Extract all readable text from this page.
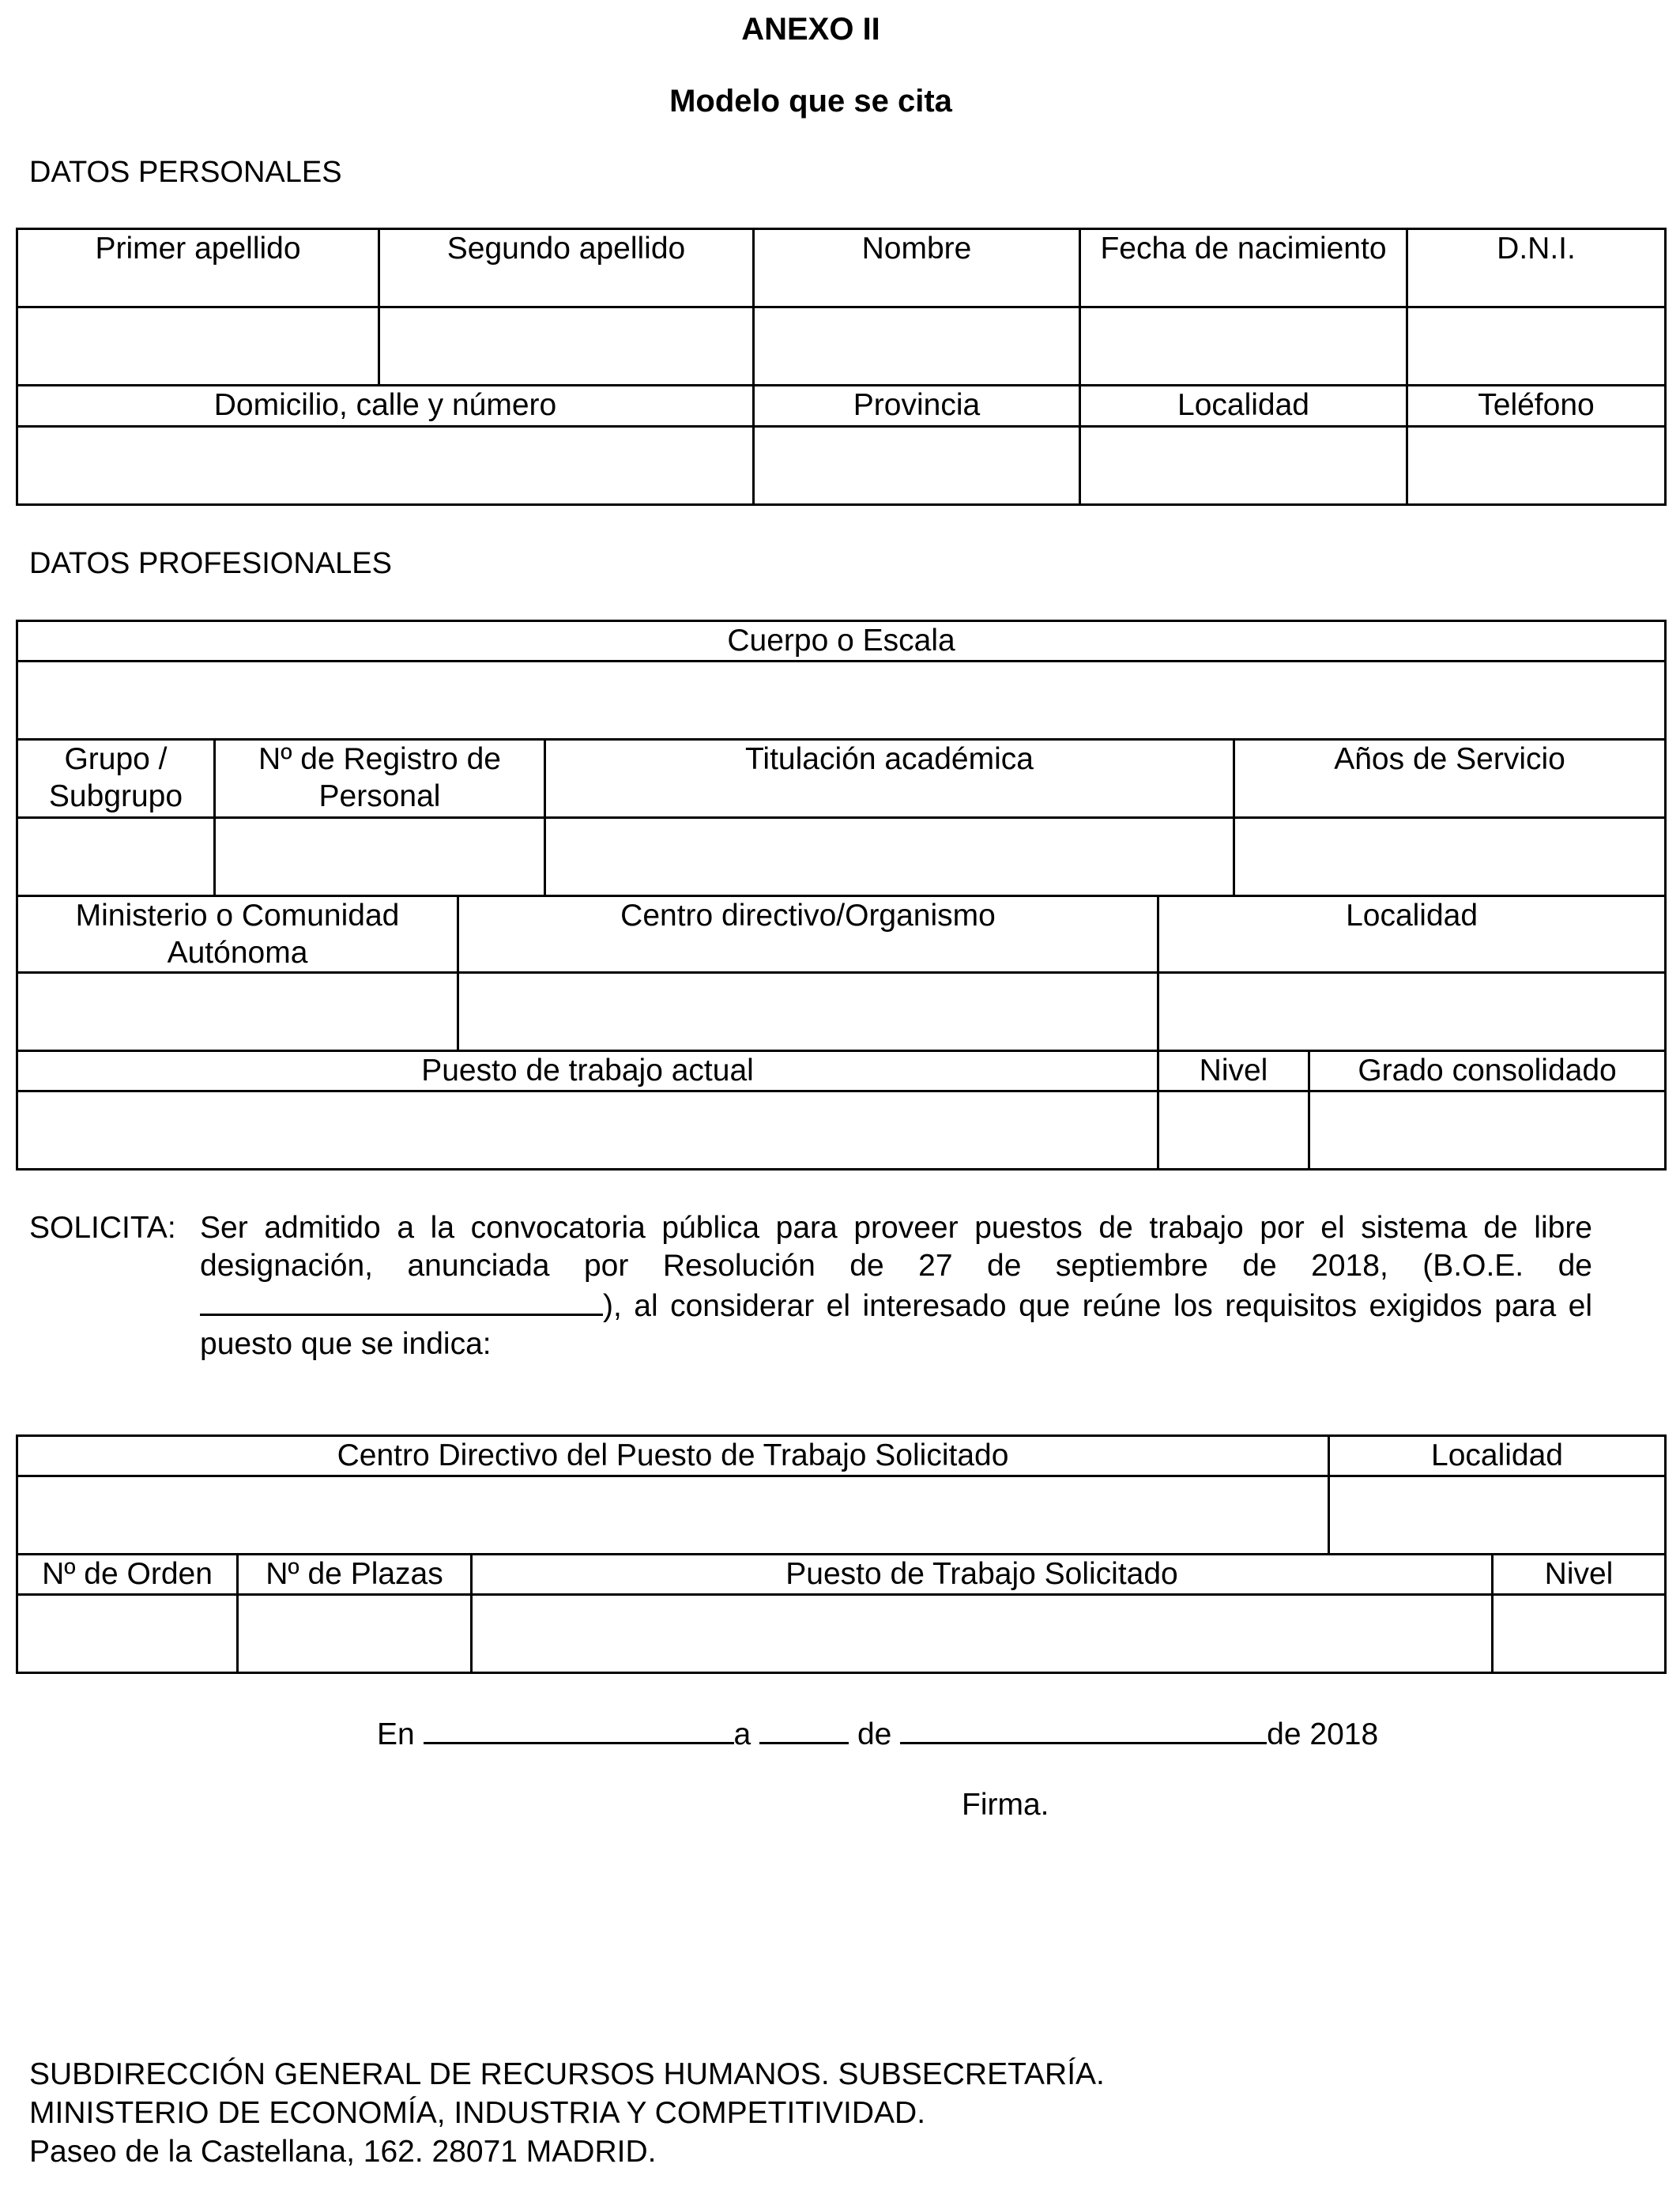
ANEXO II
Modelo que se cita
DATOS PERSONALES
Primer apellido	Segundo apellido	Nombre	Fecha de nacimiento	D.N.I.

Domicilio, calle y número		Provincia	Localidad	Teléfono

DATOS PROFESIONALES
Cuerpo o Escala						

Grupo / Subgrupo	Nº de Registro de Personal		Titulación académica		Años de Servicio	

Ministerio o Comunidad Autónoma		Centro directivo/Organismo		Localidad		

Puesto de trabajo actual				Nivel		Grado consolidado

SOLICITA: Ser admitido a la convocatoria pública para proveer puestos de trabajo por el sistema de libre designación, anunciada por Resolución de 27 de septiembre de 2018, (B.O.E. de), al considerar el interesado que reúne los requisitos exigidos para el puesto que se indica:
Centro Directivo del Puesto de Trabajo Solicitado			Localidad	

Nº de Orden	Nº de Plazas	Puesto de Trabajo Solicitado		Nivel

En	a	de	de 2018
Firma.
SUBDIRECCIÓN GENERAL DE RECURSOS HUMANOS. SUBSECRETARÍA.
MINISTERIO DE ECONOMÍA, INDUSTRIA Y COMPETITIVIDAD.
Paseo de la Castellana, 162. 28071 MADRID.
